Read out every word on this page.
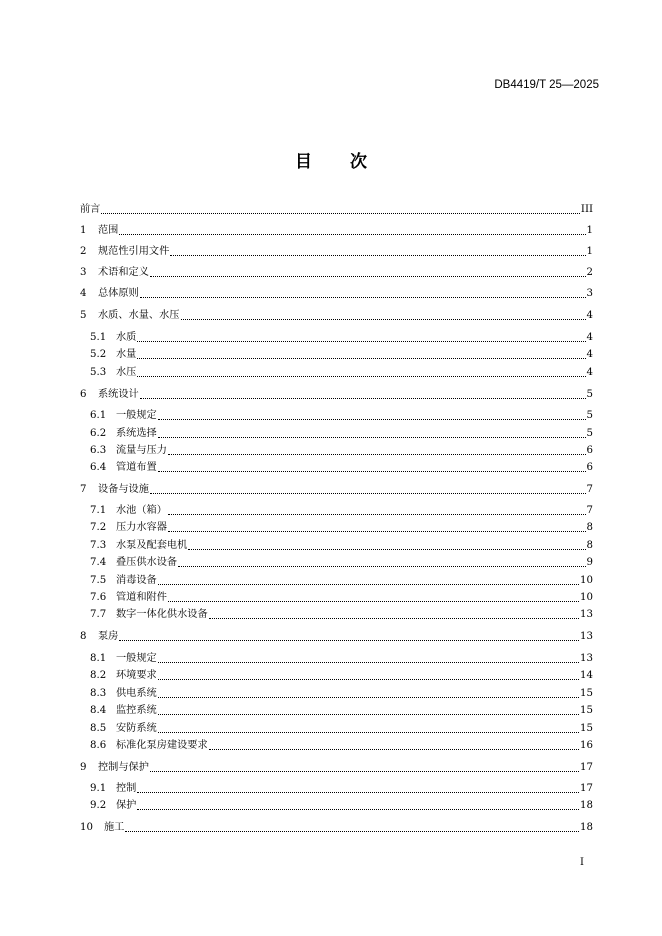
DB4419/T 25—2025
目次
前言	III
1	范围	1
2	规范性引用文件	1
3	术语和定义	2
4	总体原则	3
5	水质、水量、水压	4
5.1 水质	4
5.2 水量	4
5.3 水压	4
6	系统设计	5
6.1 一般规定	5
6.2 系统选择	5
6.3 流量与压力	6
6.4 管道布置	6
7	设备与设施	7
7.1 水池（箱）	7
7.2 压力水容器	8
7.3 水泵及配套电机	8
7.4 叠压供水设备	9
7.5 消毒设备	10
7.6 管道和附件	10
7.7 数字一体化供水设备	13
8	泵房	13
8.1 一般规定	13
8.2 环境要求	14
8.3 供电系统	15
8.4 监控系统	15
8.5 安防系统	15
8.6 标准化泵房建设要求	16
9	控制与保护	17
9.1 控制	17
9.2 保护	18
10	施工	18
I
